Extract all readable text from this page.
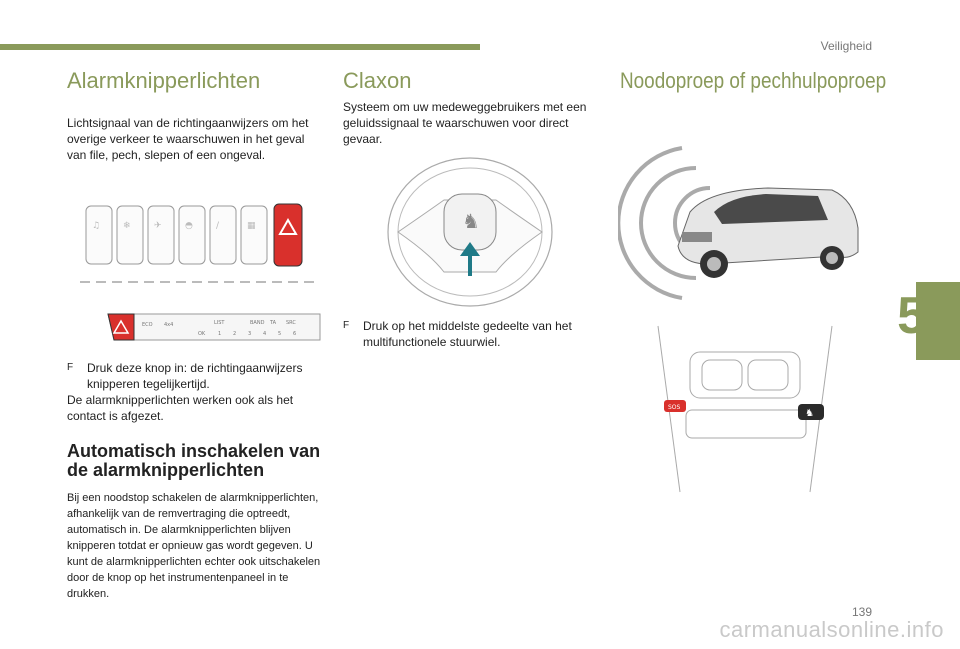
Veiligheid
5
139
carmanualsonline.info
Alarmknipperlichten

Lichtsignaal van de richtingaanwijzers om het overige verkeer te waarschuwen in het geval van file, pech, slepen of een ongeval.

♫	❄	✈	◓	∕	▦
ECO 4x4	LIST	BAND TA SRC
1 2 3 4 5 6
OK
F Druk deze knop in: de richtingaanwijzers knipperen tegelijkertijd.

De alarmknipperlichten werken ook als het contact is afgezet.

Automatisch inschakelen van de alarmknipperlichten

Bij een noodstop schakelen de alarmknipperlichten, afhankelijk van de remvertraging die optreedt, automatisch in. De alarmknipperlichten blijven knipperen totdat er opnieuw gas wordt gegeven. U kunt de alarmknipperlichten echter ook uitschakelen door de knop op het instrumentenpaneel in te drukken.

Claxon

Systeem om uw medeweggebruikers met een geluidssignaal te waarschuwen voor direct gevaar.

♞
F Druk op het middelste gedeelte van het multifunctionele stuurwiel.
Noodoproep of pechhulpoproep
SOS
♞
